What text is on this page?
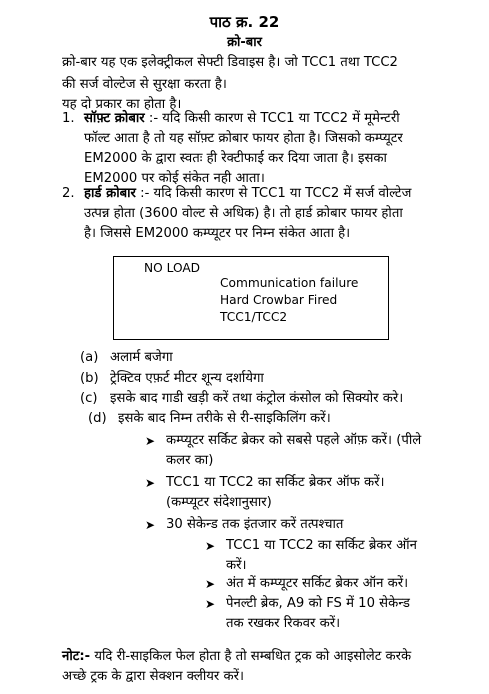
पाठ क्र. 22
क्रो-बार
क्रो-बार यह एक इलेक्ट्रीकल सेफ्टी डिवाइस है। जो TCC1 तथा TCC2
की सर्ज वोल्टेज से सुरक्षा करता है।
यह दो प्रकार का होता है।
1. सॉफ़्ट क्रोबार :- यदि किसी कारण से TCC1 या TCC2 में मूमेन्टरी
फॉल्ट आता है तो यह सॉफ़्ट क्रोबार फायर होता है। जिसको कम्प्यूटर
EM2000 के द्वारा स्वतः ही रेक्टीफाई कर दिया जाता है। इसका
EM2000 पर कोई संकेत नही आता।
2. हार्ड क्रोबार :- यदि किसी कारण से TCC1 या TCC2 में सर्ज वोल्टेज
उत्पन्न होता (3600 वोल्ट से अधिक) है। तो हार्ड क्रोबार फायर होता
है। जिससे EM2000 कम्प्यूटर पर निम्न संकेत आता है।
NO LOAD
Communication failure
Hard Crowbar Fired
TCC1/TCC2
(a) अलार्म बजेगा
(b) ट्रेक्टिव एफ़र्ट मीटर शून्य दर्शायेगा
(c) इसके बाद गाडी खड़ी करें तथा कंट्रोल कंसोल को सिक्योर करे।
(d) इसके बाद निम्न तरीके से री-साइकिलिंग करें।
➤ कम्प्यूटर सर्किट ब्रेकर को सबसे पहले ऑफ़ करें। (पीले
कलर का)
➤ TCC1 या TCC2 का सर्किट ब्रेकर ऑफ करें।
(कम्प्यूटर संदेशानुसार)
➤ 30 सेकेन्ड तक इंतजार करें तत्पश्चात
➤ TCC1 या TCC2 का सर्किट ब्रेकर ऑन
करें।
➤ अंत में कम्प्यूटर सर्किट ब्रेकर ऑन करें।
➤ पेनल्टी ब्रेक, A9 को FS में 10 सेकेन्ड
तक रखकर रिकवर करें।
नोट:- यदि री-साइकिल फेल होता है तो सम्बधित ट्रक को आइसोलेट करके
अच्छे ट्रक के द्वारा सेक्शन क्लीयर करें।
